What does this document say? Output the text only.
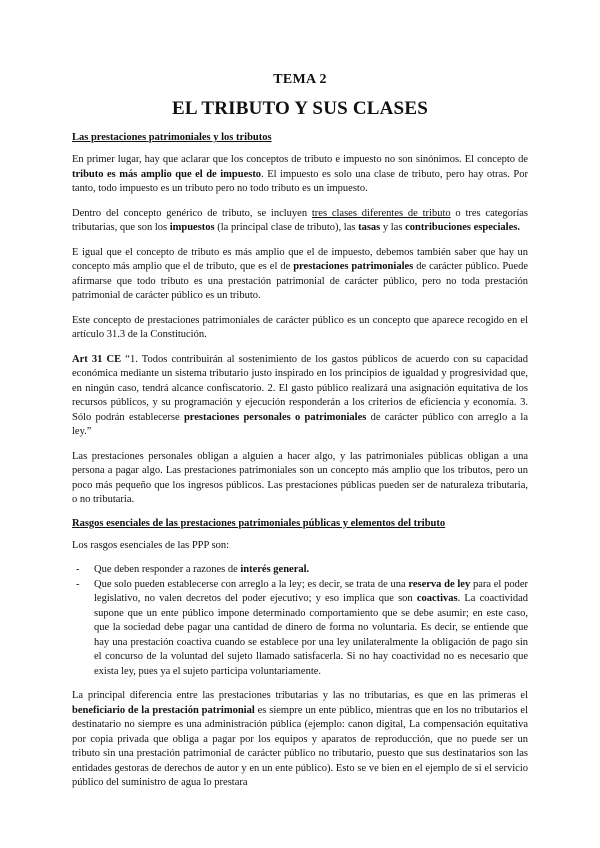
TEMA 2
EL TRIBUTO Y SUS CLASES
Las prestaciones patrimoniales y los tributos

En primer lugar, hay que aclarar que los conceptos de tributo e impuesto no son sinónimos. El concepto de tributo es más amplio que el de impuesto. El impuesto es solo una clase de tributo, pero hay otras. Por tanto, todo impuesto es un tributo pero no todo tributo es un impuesto.

Dentro del concepto genérico de tributo, se incluyen tres clases diferentes de tributo o tres categorías tributarias, que son los impuestos (la principal clase de tributo), las tasas y las contribuciones especiales.

E igual que el concepto de tributo es más amplio que el de impuesto, debemos también saber que hay un concepto más amplio que el de tributo, que es el de prestaciones patrimoniales de carácter público. Puede afirmarse que todo tributo es una prestación patrimonial de carácter público, pero no toda prestación patrimonial de carácter público es un tributo.

Este concepto de prestaciones patrimoniales de carácter público es un concepto que aparece recogido en el artículo 31.3 de la Constitución.

Art 31 CE “1. Todos contribuirán al sostenimiento de los gastos públicos de acuerdo con su capacidad económica mediante un sistema tributario justo inspirado en los principios de igualdad y progresividad que, en ningún caso, tendrá alcance confiscatorio. 2. El gasto público realizará una asignación equitativa de los recursos públicos, y su programación y ejecución responderán a los criterios de eficiencia y economía. 3. Sólo podrán establecerse prestaciones personales o patrimoniales de carácter público con arreglo a la ley.”

Las prestaciones personales obligan a alguien a hacer algo, y las patrimoniales públicas obligan a una persona a pagar algo. Las prestaciones patrimoniales son un concepto más amplio que los tributos, pero un poco más pequeño que los ingresos públicos. Las prestaciones públicas pueden ser de naturaleza tributaria, o no tributaria.

Rasgos esenciales de las prestaciones patrimoniales públicas y elementos del tributo

Los rasgos esenciales de las PPP son:

- Que deben responder a razones de interés general.
- Que solo pueden establecerse con arreglo a la ley; es decir, se trata de una reserva de ley para el poder legislativo, no valen decretos del poder ejecutivo; y eso implica que son coactivas. La coactividad supone que un ente público impone determinado comportamiento que se debe asumir; en este caso, que la sociedad debe pagar una cantidad de dinero de forma no voluntaria. Es decir, se entiende que hay una prestación coactiva cuando se establece por una ley unilateralmente la obligación de pago sin el concurso de la voluntad del sujeto llamado satisfacerla. Si no hay coactividad no es necesario que exista ley, pues ya el sujeto participa voluntariamente.

La principal diferencia entre las prestaciones tributarias y las no tributarias, es que en las primeras el beneficiario de la prestación patrimonial es siempre un ente público, mientras que en los no tributarios el destinatario no siempre es una administración pública (ejemplo: canon digital, La compensación equitativa por copia privada que obliga a pagar por los equipos y aparatos de reproducción, que no puede ser un tributo sin una prestación patrimonial de carácter público no tributario, puesto que sus destinatarios son las entidades gestoras de derechos de autor y en un ente público). Esto se ve bien en el ejemplo de si el servicio público del suministro de agua lo prestara
